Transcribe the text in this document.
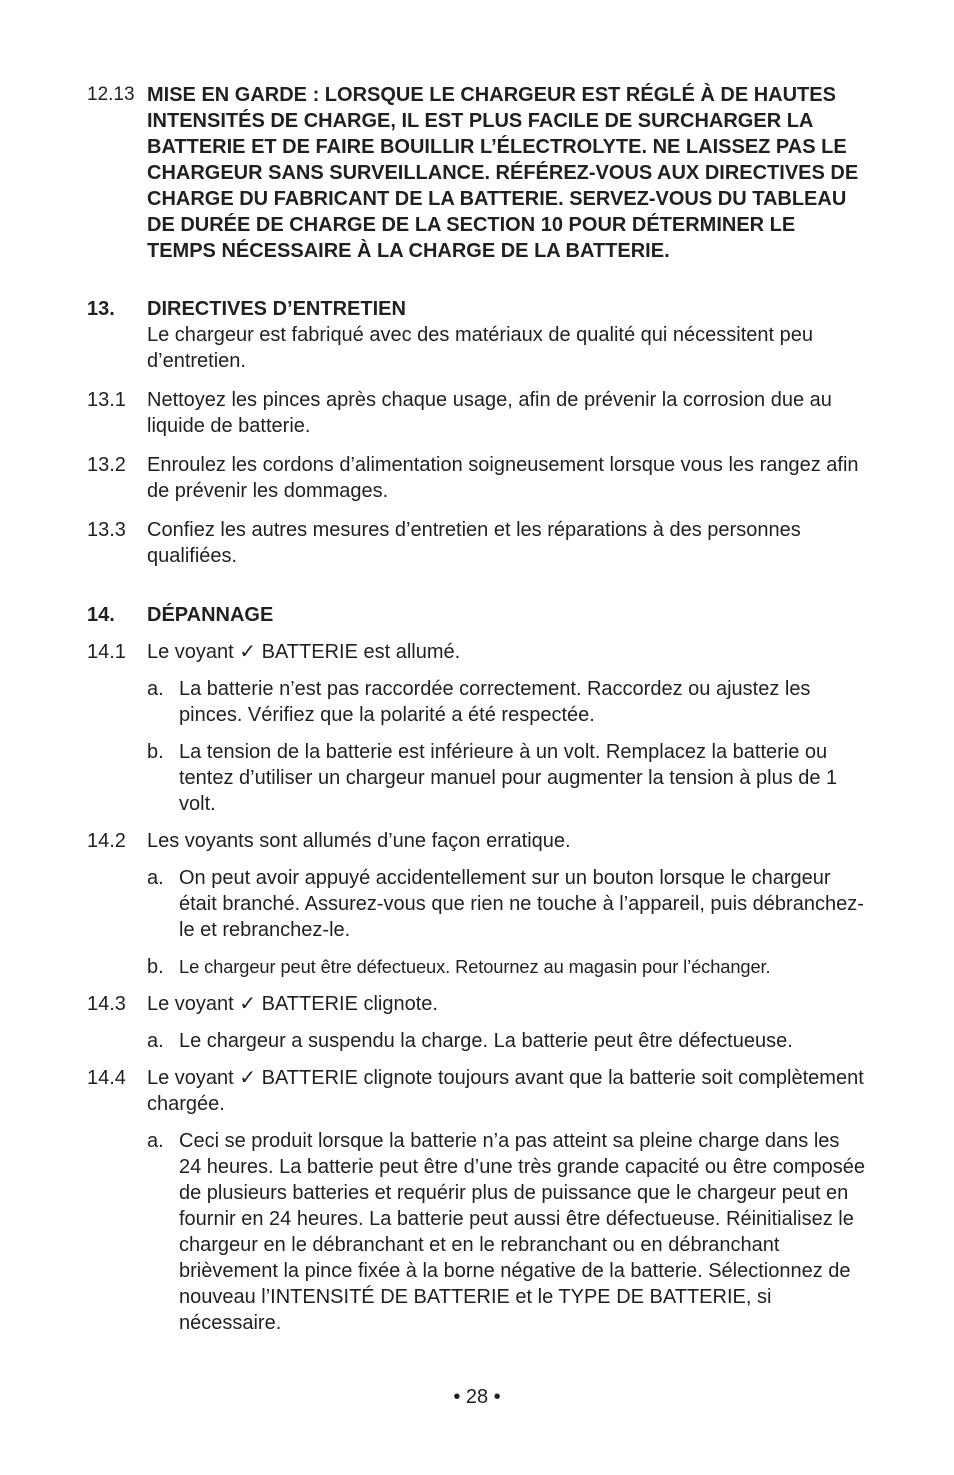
12.13 MISE EN GARDE : LORSQUE LE CHARGEUR EST RÉGLÉ À DE HAUTES INTENSITÉS DE CHARGE, IL EST PLUS FACILE DE SURCHARGER LA BATTERIE ET DE FAIRE BOUILLIR L’ÉLECTROLYTE. NE LAISSEZ PAS LE CHARGEUR SANS SURVEILLANCE. RÉFÉREZ-VOUS AUX DIRECTIVES DE CHARGE DU FABRICANT DE LA BATTERIE. SERVEZ-VOUS DU TABLEAU DE DURÉE DE CHARGE DE LA SECTION 10 POUR DÉTERMINER LE TEMPS NÉCESSAIRE À LA CHARGE DE LA BATTERIE.
13. DIRECTIVES D’ENTRETIEN
Le chargeur est fabriqué avec des matériaux de qualité qui nécessitent peu d’entretien.
13.1 Nettoyez les pinces après chaque usage, afin de prévenir la corrosion due au liquide de batterie.
13.2 Enroulez les cordons d’alimentation soigneusement lorsque vous les rangez afin de prévenir les dommages.
13.3 Confiez les autres mesures d’entretien et les réparations à des personnes qualifiées.
14. DÉPANNAGE
14.1 Le voyant ✓ BATTERIE est allumé.
a. La batterie n’est pas raccordée correctement. Raccordez ou ajustez les pinces. Vérifiez que la polarité a été respectée.
b. La tension de la batterie est inférieure à un volt. Remplacez la batterie ou tentez d’utiliser un chargeur manuel pour augmenter la tension à plus de 1 volt.
14.2 Les voyants sont allumés d’une façon erratique.
a. On peut avoir appuyé accidentellement sur un bouton lorsque le chargeur était branché. Assurez-vous que rien ne touche à l’appareil, puis débranchez-le et rebranchez-le.
b. Le chargeur peut être défectueux. Retournez au magasin pour l’échanger.
14.3 Le voyant ✓ BATTERIE clignote.
a. Le chargeur a suspendu la charge. La batterie peut être défectueuse.
14.4 Le voyant ✓ BATTERIE clignote toujours avant que la batterie soit complètement chargée.
a. Ceci se produit lorsque la batterie n’a pas atteint sa pleine charge dans les 24 heures. La batterie peut être d’une très grande capacité ou être composée de plusieurs batteries et requérir plus de puissance que le chargeur peut en fournir en 24 heures. La batterie peut aussi être défectueuse. Réinitialisez le chargeur en le débranchant et en le rebranchant ou en débranchant brièvement la pince fixée à la borne négative de la batterie. Sélectionnez de nouveau l’INTENSITÉ DE BATTERIE et le TYPE DE BATTERIE, si nécessaire.
• 28 •
